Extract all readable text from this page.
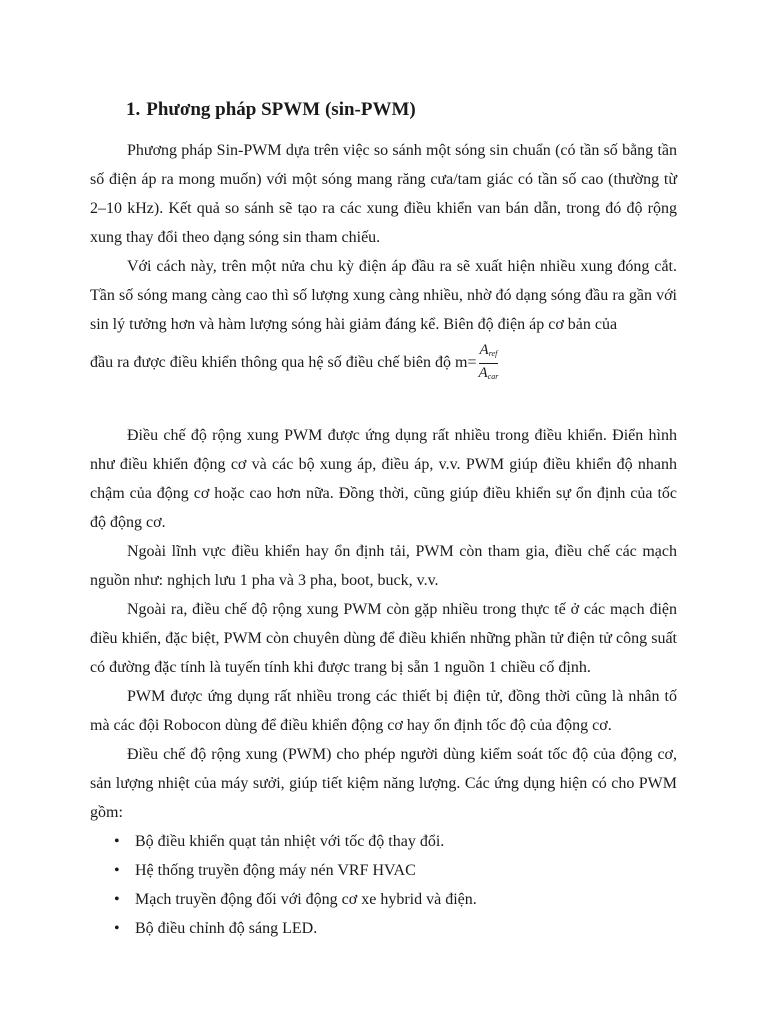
1. Phương pháp SPWM (sin-PWM)

Phương pháp Sin-PWM dựa trên việc so sánh một sóng sin chuẩn (có tần số bằng tần số điện áp ra mong muốn) với một sóng mang răng cưa/tam giác có tần số cao (thường từ 2–10 kHz). Kết quả so sánh sẽ tạo ra các xung điều khiển van bán dẫn, trong đó độ rộng xung thay đổi theo dạng sóng sin tham chiếu.

Với cách này, trên một nửa chu kỳ điện áp đầu ra sẽ xuất hiện nhiều xung đóng cắt. Tần số sóng mang càng cao thì số lượng xung càng nhiều, nhờ đó dạng sóng đầu ra gần với sin lý tưởng hơn và hàm lượng sóng hài giảm đáng kể. Biên độ điện áp cơ bản của

đầu ra được điều khiển thông qua hệ số điều chế biên độ $m= \frac{A_{ref}}{A_{car}}$

Điều chế độ rộng xung PWM được ứng dụng rất nhiều trong điều khiển. Điển hình như điều khiển động cơ và các bộ xung áp, điều áp, v.v. PWM giúp điều khiển độ nhanh chậm của động cơ hoặc cao hơn nữa. Đồng thời, cũng giúp điều khiển sự ổn định của tốc độ động cơ.

Ngoài lĩnh vực điều khiển hay ổn định tải, PWM còn tham gia, điều chế các mạch nguồn như: nghịch lưu 1 pha và 3 pha, boot, buck, v.v.

Ngoài ra, điều chế độ rộng xung PWM còn gặp nhiều trong thực tế ở các mạch điện điều khiển, đặc biệt, PWM còn chuyên dùng để điều khiển những phần tử điện tử công suất có đường đặc tính là tuyến tính khi được trang bị sẵn 1 nguồn 1 chiều cố định.

PWM được ứng dụng rất nhiều trong các thiết bị điện tử, đồng thời cũng là nhân tố mà các đội Robocon dùng để điều khiển động cơ hay ổn định tốc độ của động cơ.

Điều chế độ rộng xung (PWM) cho phép người dùng kiểm soát tốc độ của động cơ, sản lượng nhiệt của máy sưởi, giúp tiết kiệm năng lượng. Các ứng dụng hiện có cho PWM gồm:

• Bộ điều khiển quạt tản nhiệt với tốc độ thay đổi.
• Hệ thống truyền động máy nén VRF HVAC
• Mạch truyền động đối với động cơ xe hybrid và điện.
• Bộ điều chỉnh độ sáng LED.
